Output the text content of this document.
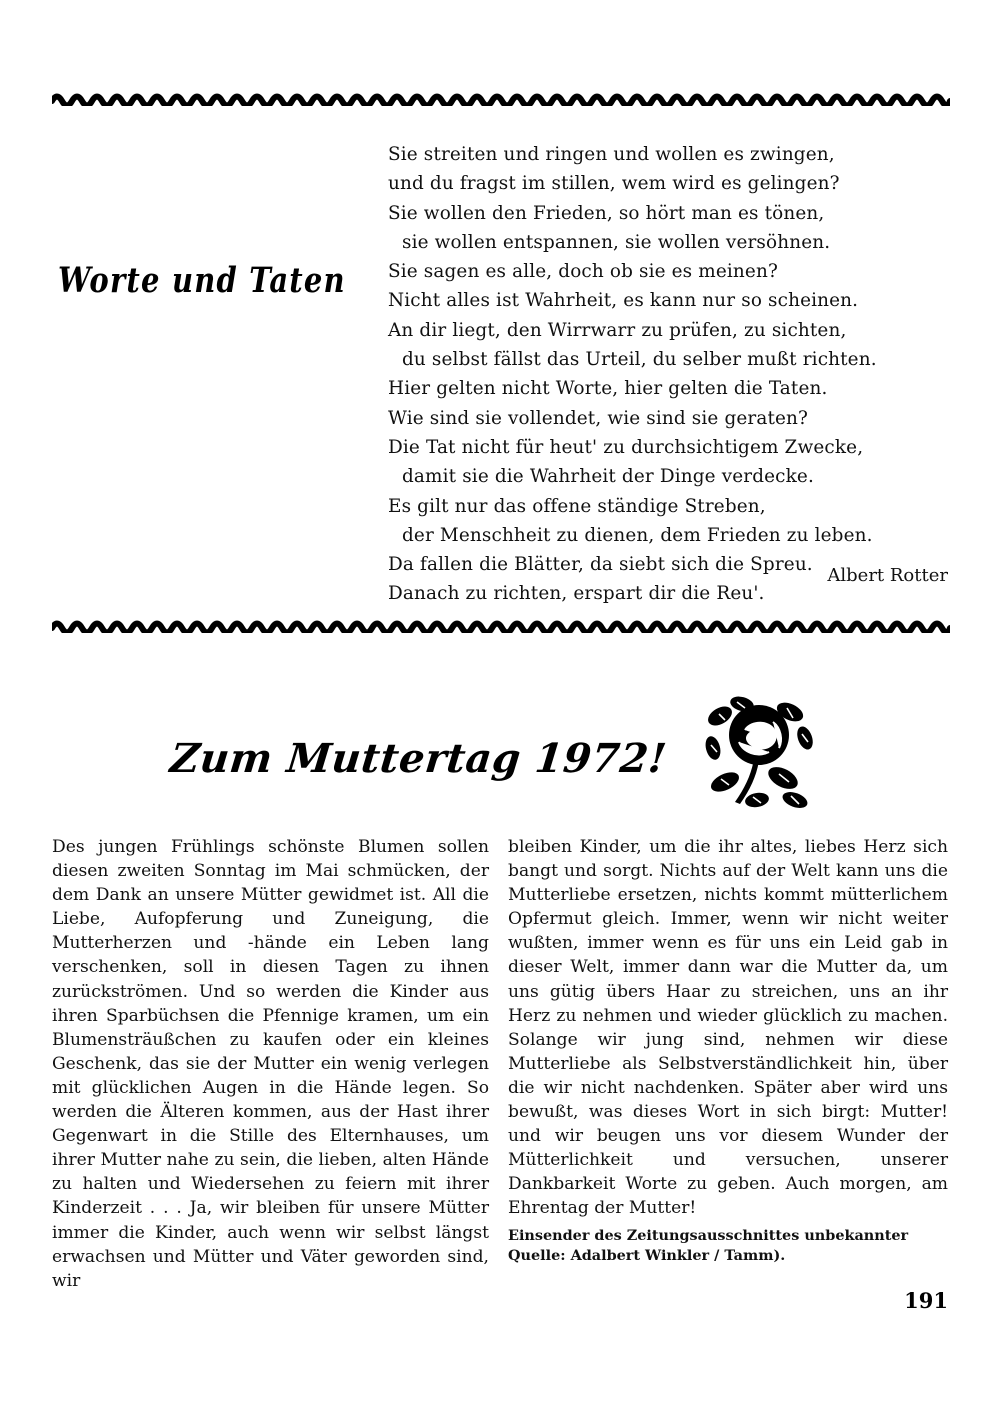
Worte und Taten
Sie streiten und ringen und wollen es zwingen,
und du fragst im stillen, wem wird es gelingen?
Sie wollen den Frieden, so hört man es tönen,
sie wollen entspannen, sie wollen versöhnen.
Sie sagen es alle, doch ob sie es meinen?
Nicht alles ist Wahrheit, es kann nur so scheinen.
An dir liegt, den Wirrwarr zu prüfen, zu sichten,
du selbst fällst das Urteil, du selber mußt richten.
Hier gelten nicht Worte, hier gelten die Taten.
Wie sind sie vollendet, wie sind sie geraten?
Die Tat nicht für heut' zu durchsichtigem Zwecke,
damit sie die Wahrheit der Dinge verdecke.
Es gilt nur das offene ständige Streben,
der Menschheit zu dienen, dem Frieden zu leben.
Da fallen die Blätter, da siebt sich die Spreu.
Danach zu richten, erspart dir die Reu'.
Albert Rotter
Zum Muttertag 1972!
Des jungen Frühlings schönste Blumen sollen diesen zweiten Sonntag im Mai schmücken, der dem Dank an unsere Mütter gewidmet ist. All die Liebe, Aufopferung und Zuneigung, die Mutterherzen und -hände ein Leben lang verschenken, soll in diesen Tagen zu ihnen zurückströmen. Und so werden die Kinder aus ihren Sparbüchsen die Pfennige kramen, um ein Blumensträußchen zu kaufen oder ein kleines Geschenk, das sie der Mutter ein wenig verlegen mit glücklichen Augen in die Hände legen. So werden die Älteren kommen, aus der Hast ihrer Gegenwart in die Stille des Elternhauses, um ihrer Mutter nahe zu sein, die lieben, alten Hände zu halten und Wiedersehen zu feiern mit ihrer Kinderzeit . . . Ja, wir bleiben für unsere Mütter immer die Kinder, auch wenn wir selbst längst erwachsen und Mütter und Väter geworden sind, wir
bleiben Kinder, um die ihr altes, liebes Herz sich bangt und sorgt. Nichts auf der Welt kann uns die Mutterliebe ersetzen, nichts kommt mütterlichem Opfermut gleich. Immer, wenn wir nicht weiter wußten, immer wenn es für uns ein Leid gab in dieser Welt, immer dann war die Mutter da, um uns gütig übers Haar zu streichen, uns an ihr Herz zu nehmen und wieder glücklich zu machen. Solange wir jung sind, nehmen wir diese Mutterliebe als Selbstverständlichkeit hin, über die wir nicht nachdenken. Später aber wird uns bewußt, was dieses Wort in sich birgt: Mutter! und wir beugen uns vor diesem Wunder der Mütterlichkeit und versuchen, unserer Dankbarkeit Worte zu geben. Auch morgen, am Ehrentag der Mutter!
Einsender des Zeitungsausschnittes unbekannter Quelle: Adalbert Winkler / Tamm).
191
